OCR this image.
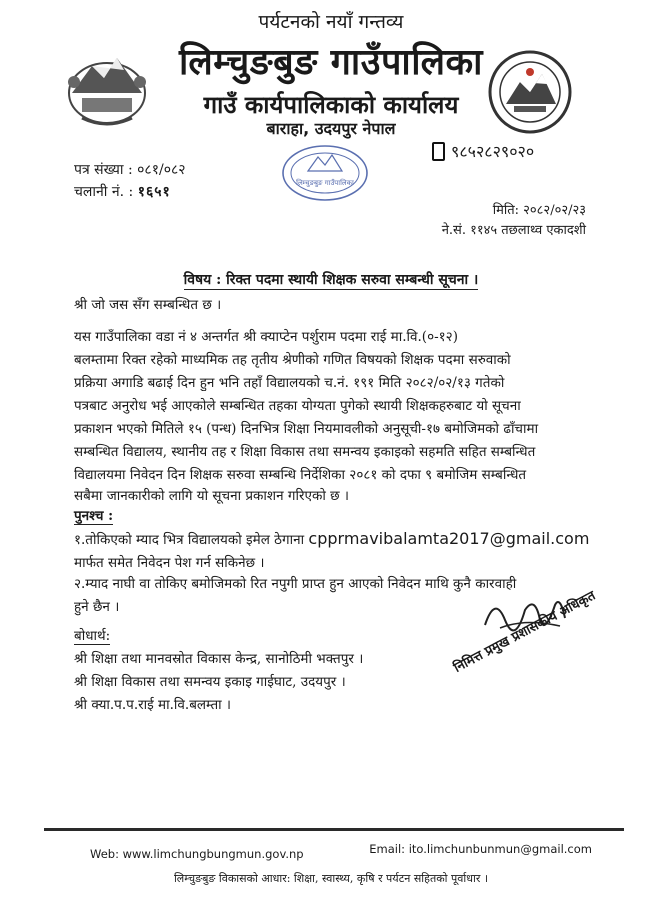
पर्यटनको नयाँ गन्तव्य
लिम्चुङबुङ गाउँपालिका
गाउँ कार्यपालिकाको कार्यालय
बाराहा, उदयपुर नेपाल
लिम्चुङबुङ गाउँपालिका
९८५२८२९०२०
पत्र संख्या : ०८१/०८२
चलानी नं. : १६५१
मिति: २०८२/०२/२३
ने.सं. ११४५ तछलाथ्व एकादशी
विषय : रिक्त पदमा स्थायी शिक्षक सरुवा सम्बन्धी सूचना ।
श्री जो जस सँग सम्बन्धित छ ।
यस गाउँपालिका वडा नं ४ अन्तर्गत श्री क्याप्टेन पर्शुराम पदमा राई मा.वि.(०-१२)
बलम्तामा रिक्त रहेको माध्यमिक तह तृतीय श्रेणीको गणित विषयको शिक्षक पदमा सरुवाको
प्रक्रिया अगाडि बढाई दिन हुन भनि तहाँ विद्यालयको च.नं. १९१ मिति २०८२/०२/१३ गतेको
पत्रबाट अनुरोध भई आएकोले सम्बन्धित तहका योग्यता पुगेको स्थायी शिक्षकहरुबाट यो सूचना
प्रकाशन भएको मितिले १५ (पन्ध) दिनभित्र शिक्षा नियमावलीको अनुसूची-१७ बमोजिमको ढाँचामा
सम्बन्धित विद्यालय, स्थानीय तह र शिक्षा विकास तथा समन्वय इकाइको सहमति सहित सम्बन्धित
विद्यालयमा निवेदन दिन शिक्षक सरुवा सम्बन्धि निर्देशिका २०८१ को दफा ९ बमोजिम सम्बन्धित
पुनश्च :
१.तोकिएको म्याद भित्र विद्यालयको इमेल ठेगाना cpprmavibalamta2017@gmail.com
मार्फत समेत निवेदन पेश गर्न सकिनेछ ।
२.म्याद नाघी वा तोकिए बमोजिमको रित नपुगी प्राप्त हुन आएको निवेदन माथि कुनै कारवाही
हुने छैन ।	निमित्त प्रमुख प्रशासकीय अधिकृत
बोधार्थ:
श्री शिक्षा तथा मानवस्रोत विकास केन्द्र, सानोठिमी भक्तपुर ।
श्री शिक्षा विकास तथा समन्वय इकाइ गाईघाट, उदयपुर ।
श्री क्या.प.प.राई मा.वि.बलम्ता ।
Web: www.limchungbungmun.gov.np	Email: ito.limchunbunmun@gmail.com
लिम्चुङबुङ विकासको आधार: शिक्षा, स्वास्थ्य, कृषि र पर्यटन सहितको पूर्वाधार ।
सबैमा जानकारीको लागि यो सूचना प्रकाशन गरिएको छ ।
